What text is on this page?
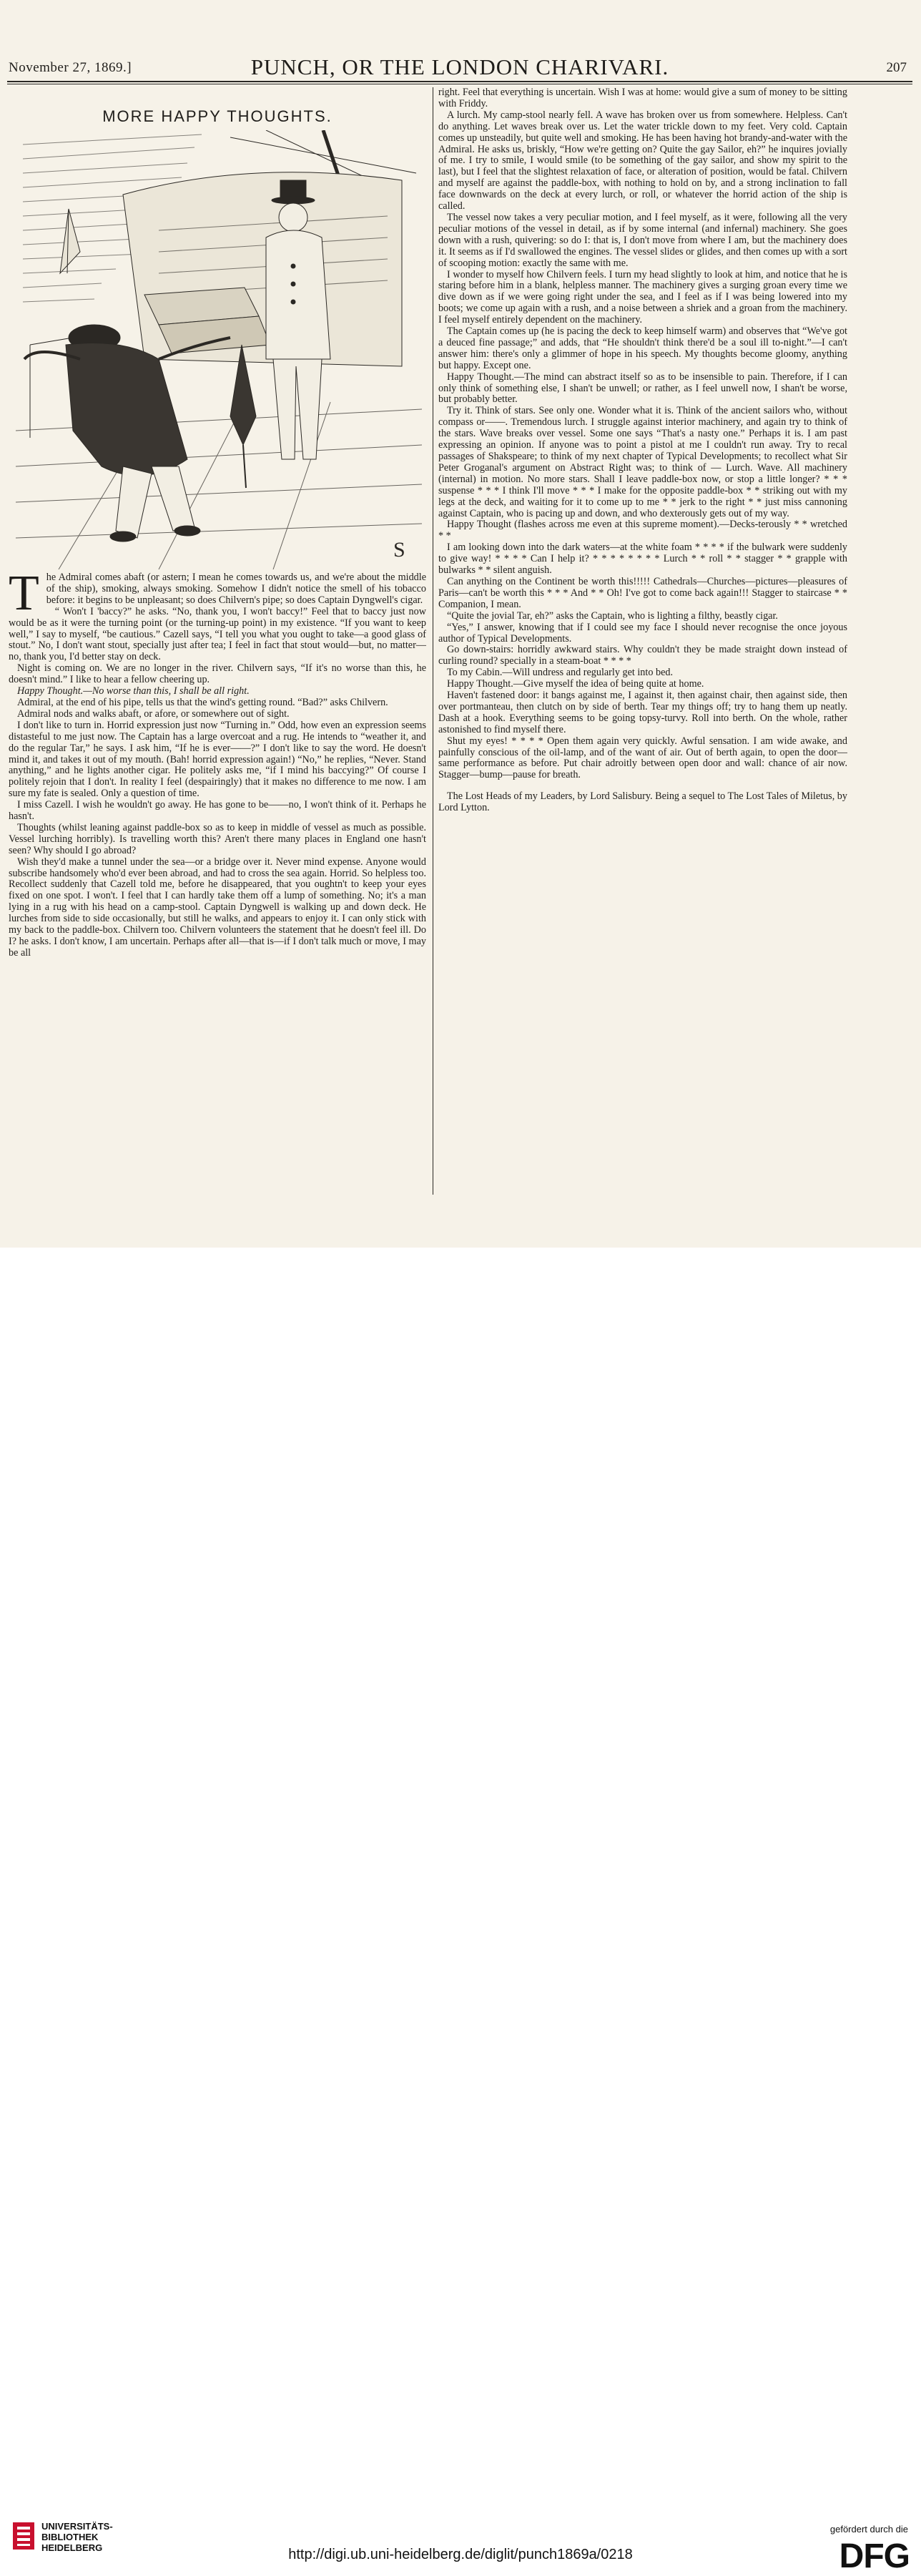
November 27, 1869.]	PUNCH, OR THE LONDON CHARIVARI.	207
MORE HAPPY THOUGHTS.
S

The Admiral comes abaft (or astern; I mean he comes towards us, and we're about the middle of the ship), smoking, always smoking. Somehow I didn't notice the smell of his tobacco before: it begins to be unpleasant; so does Chilvern's pipe; so does Captain Dyngwell's cigar.

“ Won't I 'baccy?” he asks. “No, thank you, I won't baccy!” Feel that to baccy just now would be as it were the turning point (or the turning-up point) in my existence. “If you want to keep well,” I say to myself, “be cautious.” Cazell says, “I tell you what you ought to take—a good glass of stout.” No, I don't want stout, specially just after tea; I feel in fact that stout would—but, no matter—no, thank you, I'd better stay on deck.

Night is coming on. We are no longer in the river. Chilvern says, “If it's no worse than this, he doesn't mind.” I like to hear a fellow cheering up.

Happy Thought.—No worse than this, I shall be all right.

Admiral, at the end of his pipe, tells us that the wind's getting round. “Bad?” asks Chilvern.

Admiral nods and walks abaft, or afore, or somewhere out of sight.

I don't like to turn in. Horrid expression just now “Turning in.” Odd, how even an expression seems distasteful to me just now. The Captain has a large overcoat and a rug. He intends to “weather it, and do the regular Tar,” he says. I ask him, “If he is ever——?” I don't like to say the word. He doesn't mind it, and takes it out of my mouth. (Bah! horrid expression again!) “No,” he replies, “Never. Stand anything,” and he lights another cigar. He politely asks me, “if I mind his baccying?” Of course I politely rejoin that I don't. In reality I feel (despairingly) that it makes no difference to me now. I am sure my fate is sealed. Only a question of time.

I miss Cazell. I wish he wouldn't go away. He has gone to be——no, I won't think of it. Perhaps he hasn't.

Thoughts (whilst leaning against paddle-box so as to keep in middle of vessel as much as possible. Vessel lurching horribly). Is travelling worth this? Aren't there many places in England one hasn't seen? Why should I go abroad?

Wish they'd make a tunnel under the sea—or a bridge over it. Never mind expense. Anyone would subscribe handsomely who'd ever been abroad, and had to cross the sea again. Horrid. So helpless too. Recollect suddenly that Cazell told me, before he disappeared, that you oughtn't to keep your eyes fixed on one spot. I won't. I feel that I can hardly take them off a lump of something. No; it's a man lying in a rug with his head on a camp-stool. Captain Dyngwell is walking up and down deck. He lurches from side to side occasionally, but still he walks, and appears to enjoy it. I can only stick with my back to the paddle-box. Chilvern too. Chilvern volunteers the statement that he doesn't feel ill. Do I? he asks. I don't know, I am uncertain. Perhaps after all—that is—if I don't talk much or move, I may be all

right. Feel that everything is uncertain. Wish I was at home: would give a sum of money to be sitting with Friddy.

A lurch. My camp-stool nearly fell. A wave has broken over us from somewhere. Helpless. Can't do anything. Let waves break over us. Let the water trickle down to my feet. Very cold. Captain comes up unsteadily, but quite well and smoking. He has been having hot brandy-and-water with the Admiral. He asks us, briskly, “How we're getting on? Quite the gay Sailor, eh?” he inquires jovially of me. I try to smile, I would smile (to be something of the gay sailor, and show my spirit to the last), but I feel that the slightest relaxation of face, or alteration of position, would be fatal. Chilvern and myself are against the paddle-box, with nothing to hold on by, and a strong inclination to fall face downwards on the deck at every lurch, or roll, or whatever the horrid action of the ship is called.

The vessel now takes a very peculiar motion, and I feel myself, as it were, following all the very peculiar motions of the vessel in detail, as if by some internal (and infernal) machinery. She goes down with a rush, quivering: so do I: that is, I don't move from where I am, but the machinery does it. It seems as if I'd swallowed the engines. The vessel slides or glides, and then comes up with a sort of scooping motion: exactly the same with me.

I wonder to myself how Chilvern feels. I turn my head slightly to look at him, and notice that he is staring before him in a blank, helpless manner. The machinery gives a surging groan every time we dive down as if we were going right under the sea, and I feel as if I was being lowered into my boots; we come up again with a rush, and a noise between a shriek and a groan from the machinery. I feel myself entirely dependent on the machinery.

The Captain comes up (he is pacing the deck to keep himself warm) and observes that “We've got a deuced fine passage;” and adds, that “He shouldn't think there'd be a soul ill to-night.”—I can't answer him: there's only a glimmer of hope in his speech. My thoughts become gloomy, anything but happy. Except one.

Happy Thought.—The mind can abstract itself so as to be insensible to pain. Therefore, if I can only think of something else, I shan't be unwell; or rather, as I feel unwell now, I shan't be worse, but probably better.

Try it. Think of stars. See only one. Wonder what it is. Think of the ancient sailors who, without compass or——. Tremendous lurch. I struggle against interior machinery, and again try to think of the stars. Wave breaks over vessel. Some one says “That's a nasty one.” Perhaps it is. I am past expressing an opinion. If anyone was to point a pistol at me I couldn't run away. Try to recal passages of Shakspeare; to think of my next chapter of Typical Developments; to recollect what Sir Peter Groganal's argument on Abstract Right was; to think of — Lurch. Wave. All machinery (internal) in motion. No more stars. Shall I leave paddle-box now, or stop a little longer? * * * suspense * * * I think I'll move * * * I make for the opposite paddle-box * * striking out with my legs at the deck, and waiting for it to come up to me * * jerk to the right * * just miss cannoning against Captain, who is pacing up and down, and who dexterously gets out of my way.

Happy Thought (flashes across me even at this supreme moment).—Decks-terously * * wretched * *

I am looking down into the dark waters—at the white foam * * * * if the bulwark were suddenly to give way! * * * * Can I help it? * * * * * * * * Lurch * * roll * * stagger * * grapple with bulwarks * * silent anguish.

Can anything on the Continent be worth this!!!!! Cathedrals—Churches—pictures—pleasures of Paris—can't be worth this * * * And * * Oh! I've got to come back again!!! Stagger to staircase * * Companion, I mean.

“Quite the jovial Tar, eh?” asks the Captain, who is lighting a filthy, beastly cigar.

“Yes,” I answer, knowing that if I could see my face I should never recognise the once joyous author of Typical Developments.

Go down-stairs: horridly awkward stairs. Why couldn't they be made straight down instead of curling round? specially in a steam-boat * * * *

To my Cabin.—Will undress and regularly get into bed.

Happy Thought.—Give myself the idea of being quite at home.

Haven't fastened door: it bangs against me, I against it, then against chair, then against side, then over portmanteau, then clutch on by side of berth. Tear my things off; try to hang them up neatly. Dash at a hook. Everything seems to be going topsy-turvy. Roll into berth. On the whole, rather astonished to find myself there.

Shut my eyes! * * * * Open them again very quickly. Awful sensation. I am wide awake, and painfully conscious of the oil-lamp, and of the want of air. Out of berth again, to open the door—same performance as before. Put chair adroitly between open door and wall: chance of air now. Stagger—bump—pause for breath.

The Lost Heads of my Leaders, by Lord Salisbury. Being a sequel to The Lost Tales of Miletus, by Lord Lytton.

UNIVERSITÄTS-
BIBLIOTHEK
HEIDELBERG	http://digi.ub.uni-heidelberg.de/diglit/punch1869a/0218
gefördert durch die
DFG
